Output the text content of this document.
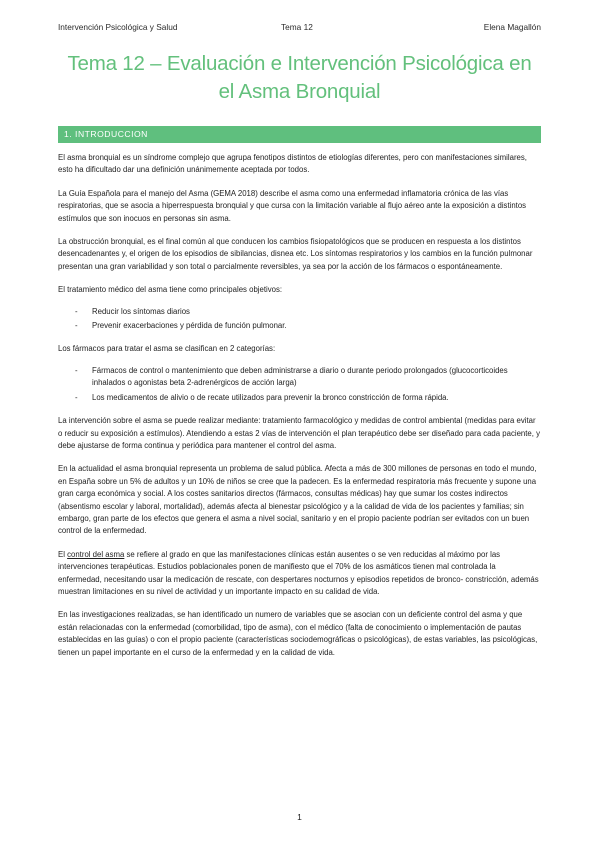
Intervención Psicológica y Salud	Tema 12	Elena Magallón
Tema 12 – Evaluación e Intervención Psicológica en el Asma Bronquial
1. INTRODUCCION

El asma bronquial es un síndrome complejo que agrupa fenotipos distintos de etiologías diferentes, pero con manifestaciones similares, esto ha dificultado dar una definición unánimemente aceptada por todos.

La Guía Española para el manejo del Asma (GEMA 2018) describe el asma como una enfermedad inflamatoria crónica de las vías respiratorias, que se asocia a hiperrespuesta bronquial y que cursa con la limitación variable al flujo aéreo ante la exposición a distintos estímulos que son inocuos en personas sin asma.

La obstrucción bronquial, es el final común al que conducen los cambios fisiopatológicos que se producen en respuesta a los distintos desencadenantes y, el origen de los episodios de sibilancias, disnea etc. Los síntomas respiratorios y los cambios en la función pulmonar presentan una gran variabilidad y son total o parcialmente reversibles, ya sea por la acción de los fármacos o espontáneamente.

El tratamiento médico del asma tiene como principales objetivos:

- Reducir los síntomas diarios
- Prevenir exacerbaciones y pérdida de función pulmonar.

Los fármacos para tratar el asma se clasifican en 2 categorías:

- Fármacos de control o mantenimiento que deben administrarse a diario o durante periodo prolongados (glucocorticoides inhalados o agonistas beta 2-adrenérgicos de acción larga)
- Los medicamentos de alivio o de recate utilizados para prevenir la bronco constricción de forma rápida.

La intervención sobre el asma se puede realizar mediante: tratamiento farmacológico y medidas de control ambiental (medidas para evitar o reducir su exposición a estímulos). Atendiendo a estas 2 vías de intervención el plan terapéutico debe ser diseñado para cada paciente, y debe ajustarse de forma continua y periódica para mantener el control del asma.

En la actualidad el asma bronquial representa un problema de salud pública. Afecta a más de 300 millones de personas en todo el mundo, en España sobre un 5% de adultos y un 10% de niños se cree que la padecen. Es la enfermedad respiratoria más frecuente y supone una gran carga económica y social. A los costes sanitarios directos (fármacos, consultas médicas) hay que sumar los costes indirectos (absentismo escolar y laboral, mortalidad), además afecta al bienestar psicológico y a la calidad de vida de los pacientes y familias; sin embargo, gran parte de los efectos que genera el asma a nivel social, sanitario y en el propio paciente podrían ser evitados con un buen control de la enfermedad.

El control del asma se refiere al grado en que las manifestaciones clínicas están ausentes o se ven reducidas al máximo por las intervenciones terapéuticas. Estudios poblacionales ponen de manifiesto que el 70% de los asmáticos tienen mal controlada la enfermedad, necesitando usar la medicación de rescate, con despertares nocturnos y episodios repetidos de bronco- constricción, además muestran limitaciones en su nivel de actividad y un importante impacto en su calidad de vida.

En las investigaciones realizadas, se han identificado un numero de variables que se asocian con un deficiente control del asma y que están relacionadas con la enfermedad (comorbilidad, tipo de asma), con el médico (falta de conocimiento o implementación de pautas establecidas en las guías) o con el propio paciente (características sociodemográficas o psicológicas), de estas variables, las psicológicas, tienen un papel importante en el curso de la enfermedad y en la calidad de vida.

1
